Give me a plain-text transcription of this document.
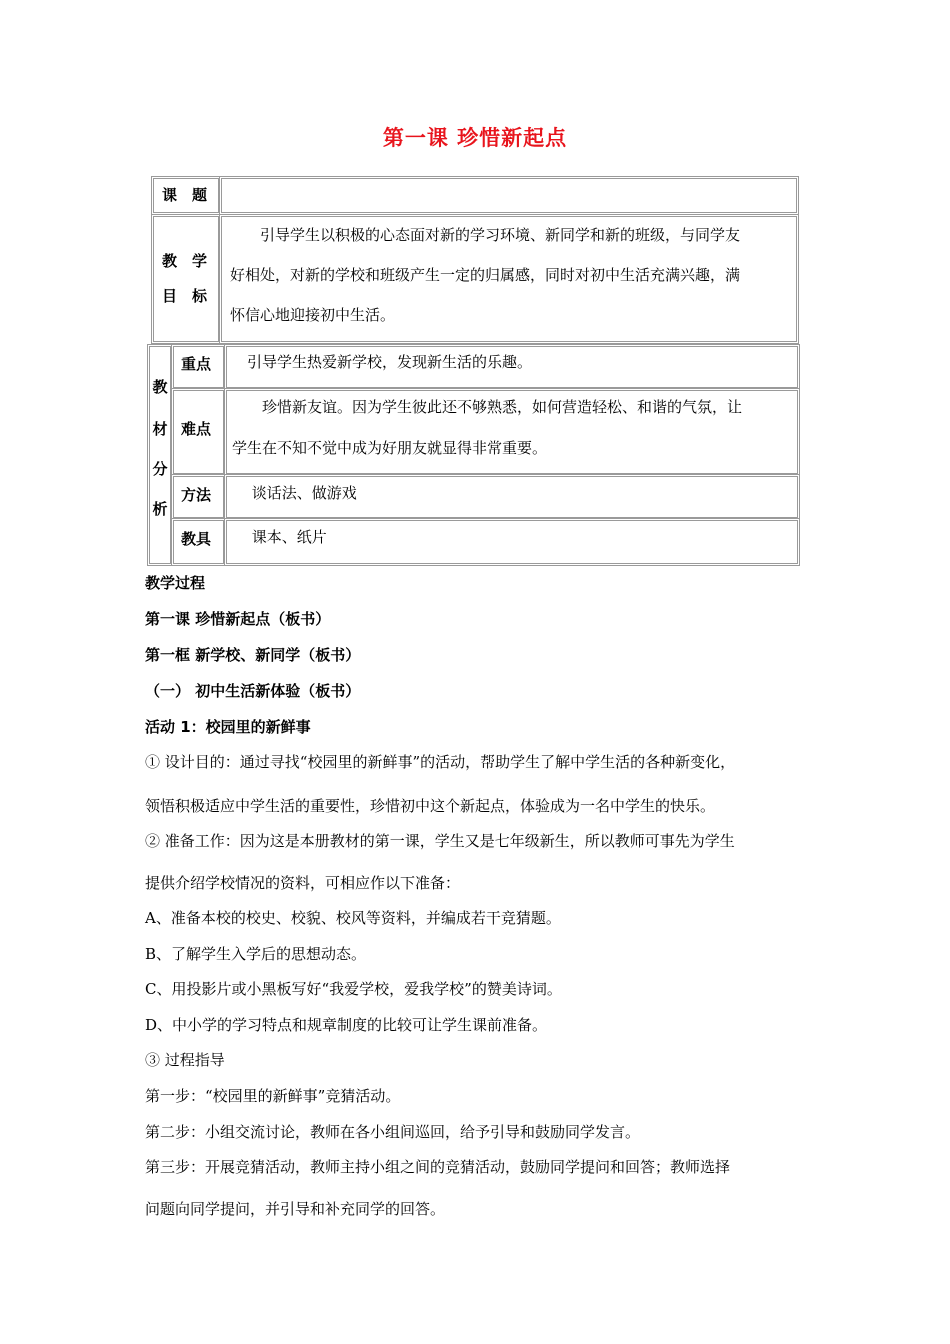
第一课 珍惜新起点
课　题
教　学
目　标
　　引导学生以积极的心态面对新的学习环境、新同学和新的班级，与同学友
好相处，对新的学校和班级产生一定的归属感，同时对初中生活充满兴趣，满
怀信心地迎接初中生活。
教
材
分
析
重点 　引导学生热爱新学校，发现新生活的乐趣。
难点
　　珍惜新友谊。因为学生彼此还不够熟悉，如何营造轻松、和谐的气氛，让
学生在不知不觉中成为好朋友就显得非常重要。
方法 　 谈话法、做游戏
教具 　 课本、纸片
教学过程
第一课 珍惜新起点（板书）
第一框 新学校、新同学（板书）
（一） 初中生活新体验（板书）
活动 1：校园里的新鲜事
① 设计目的：通过寻找“校园里的新鲜事”的活动，帮助学生了解中学生活的各种新变化，
领悟积极适应中学生活的重要性，珍惜初中这个新起点，体验成为一名中学生的快乐。
② 准备工作：因为这是本册教材的第一课，学生又是七年级新生，所以教师可事先为学生
提供介绍学校情况的资料，可相应作以下准备：
A、准备本校的校史、校貌、校风等资料，并编成若干竞猜题。
B、了解学生入学后的思想动态。
C、用投影片或小黑板写好“我爱学校，爱我学校”的赞美诗词。
D、中小学的学习特点和规章制度的比较可让学生课前准备。
③ 过程指导
第一步：“校园里的新鲜事”竞猜活动。
第二步：小组交流讨论，教师在各小组间巡回，给予引导和鼓励同学发言。
第三步：开展竞猜活动，教师主持小组之间的竞猜活动，鼓励同学提问和回答；教师选择
问题向同学提问，并引导和补充同学的回答。
